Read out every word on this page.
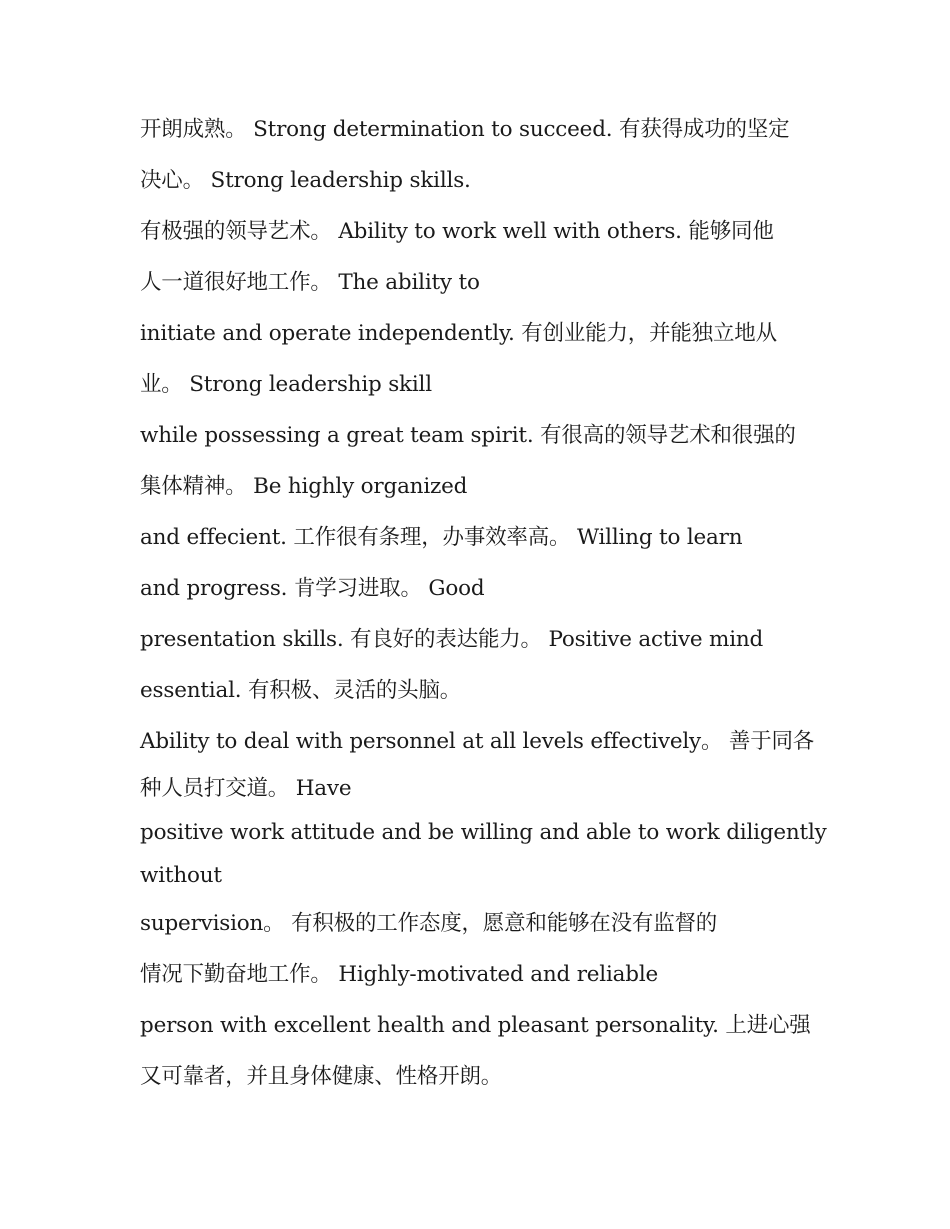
开朗成熟。 Strong determination to succeed. 有获得成功的坚定
决心。 Strong leadership skills.
有极强的领导艺术。 Ability to work well with others. 能够同他
人一道很好地工作。 The ability to
initiate and operate independently. 有创业能力，并能独立地从
业。 Strong leadership skill
while possessing a great team spirit. 有很高的领导艺术和很强的
集体精神。 Be highly organized
and effecient. 工作很有条理，办事效率高。 Willing to learn
and progress. 肯学习进取。 Good
presentation skills. 有良好的表达能力。 Positive active mind
essential. 有积极、灵活的头脑。
Ability to deal with personnel at all levels effectively。 善于同各
种人员打交道。 Have
positive work attitude and be willing and able to work diligently
without
supervision。 有积极的工作态度，愿意和能够在没有监督的
情况下勤奋地工作。 Highly-motivated and reliable
person with excellent health and pleasant personality. 上进心强
又可靠者，并且身体健康、性格开朗。
